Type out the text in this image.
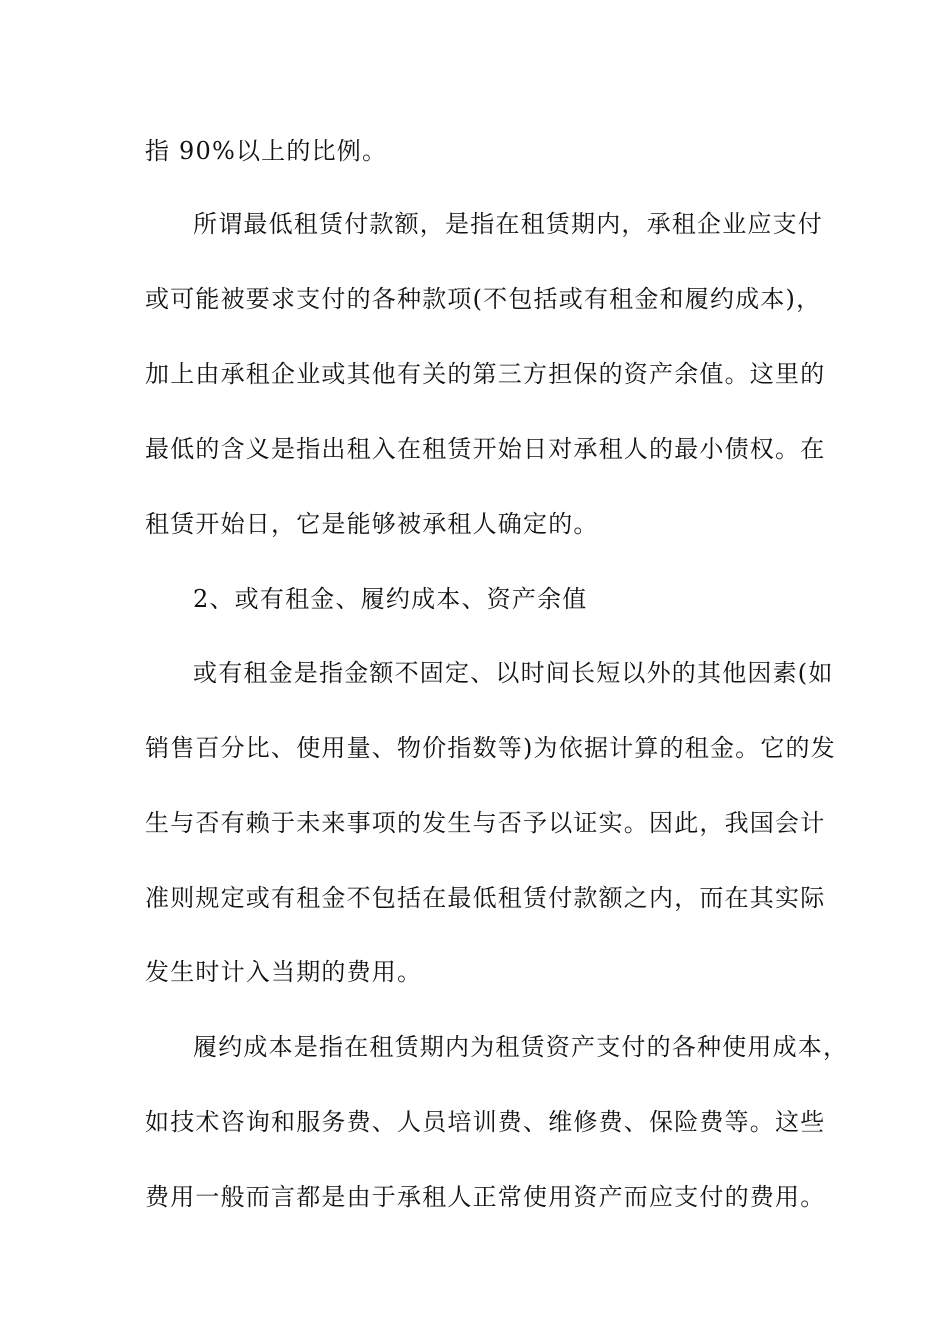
指 90%以上的比例。
所谓最低租赁付款额，是指在租赁期内，承租企业应支付
或可能被要求支付的各种款项(不包括或有租金和履约成本)，
加上由承租企业或其他有关的第三方担保的资产余值。这里的
最低的含义是指出租入在租赁开始日对承租人的最小债权。在
租赁开始日，它是能够被承租人确定的。
2、或有租金、履约成本、资产余值
或有租金是指金额不固定、以时间长短以外的其他因素(如
销售百分比、使用量、物价指数等)为依据计算的租金。它的发
生与否有赖于未来事项的发生与否予以证实。因此，我国会计
准则规定或有租金不包括在最低租赁付款额之内，而在其实际
发生时计入当期的费用。
履约成本是指在租赁期内为租赁资产支付的各种使用成本，
如技术咨询和服务费、人员培训费、维修费、保险费等。这些
费用一般而言都是由于承租人正常使用资产而应支付的费用。
